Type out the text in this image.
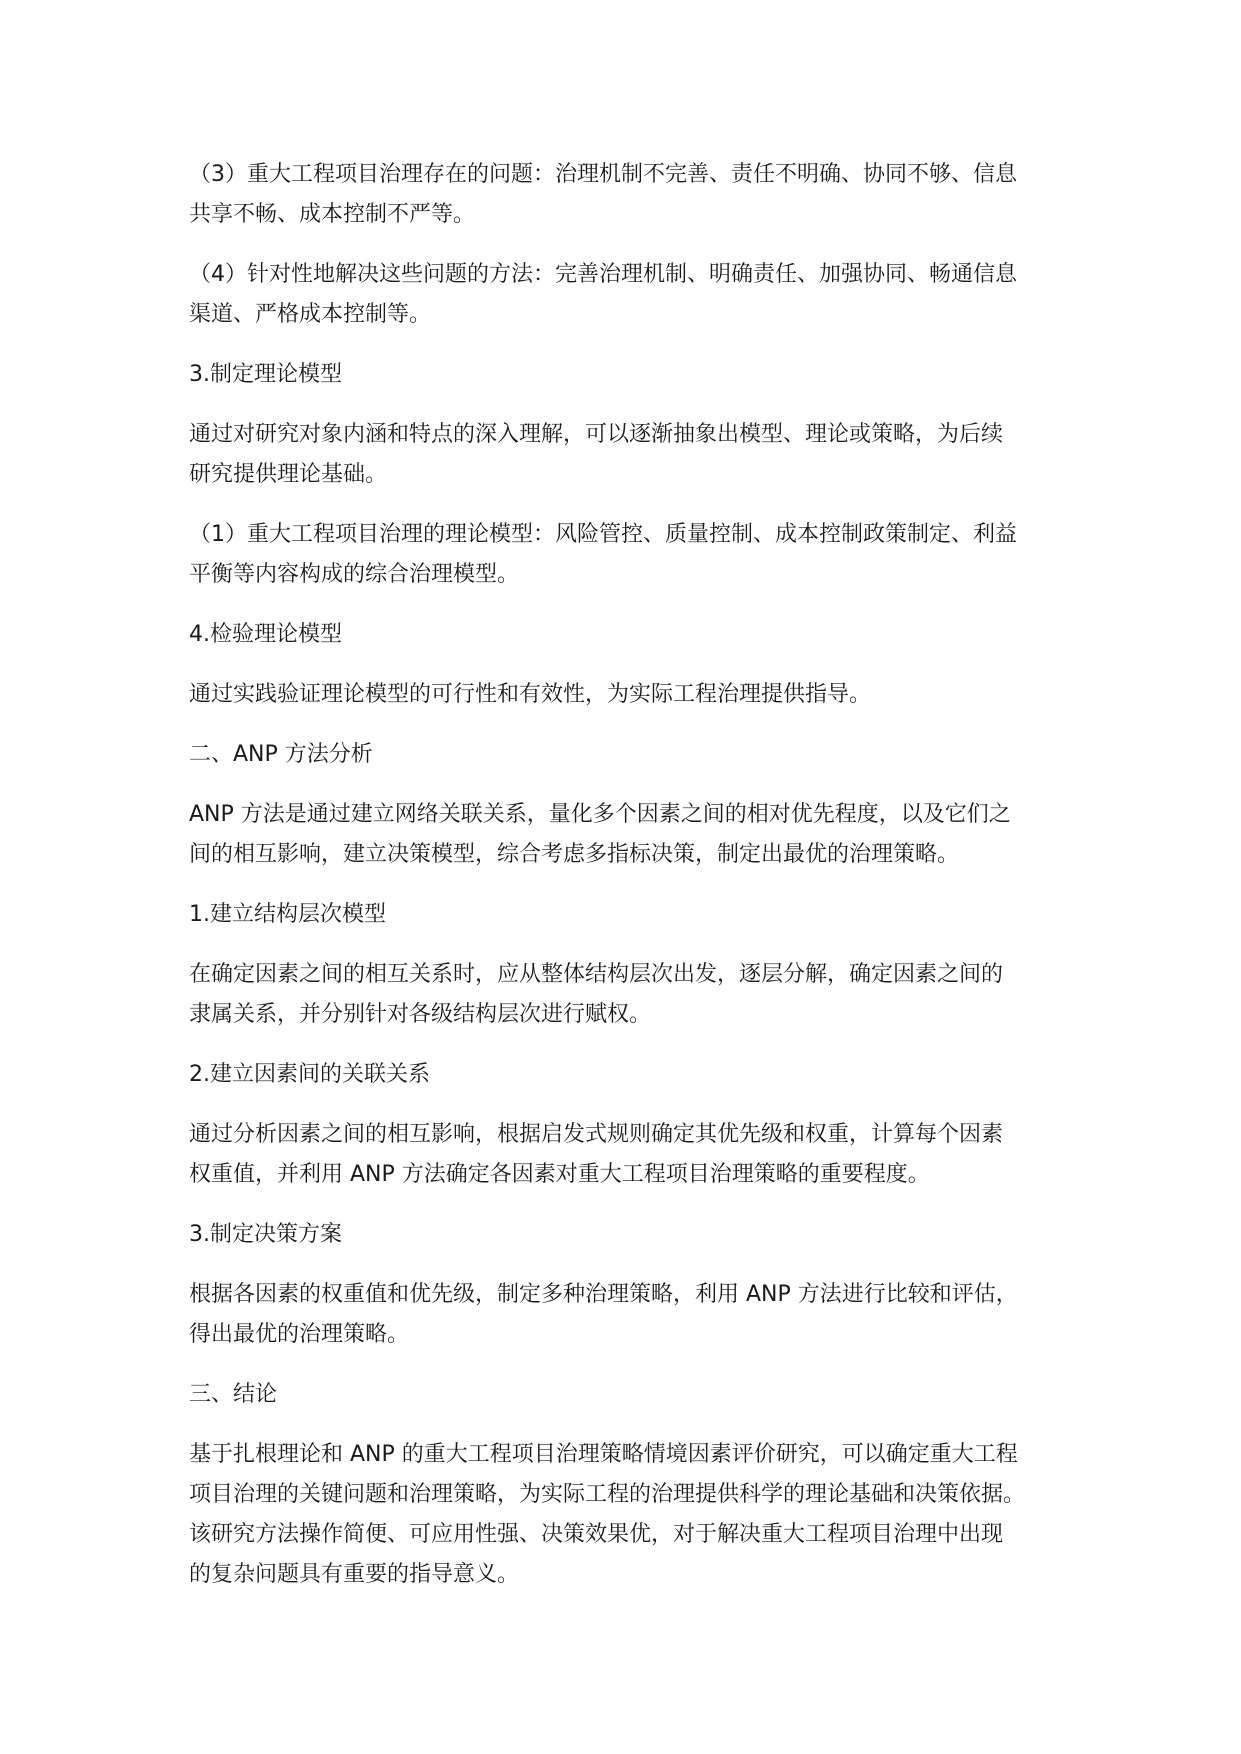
（3）重大工程项目治理存在的问题：治理机制不完善、责任不明确、协同不够、信息
共享不畅、成本控制不严等。

（4）针对性地解决这些问题的方法：完善治理机制、明确责任、加强协同、畅通信息
渠道、严格成本控制等。

3.制定理论模型

通过对研究对象内涵和特点的深入理解，可以逐渐抽象出模型、理论或策略，为后续
研究提供理论基础。

（1）重大工程项目治理的理论模型：风险管控、质量控制、成本控制政策制定、利益
平衡等内容构成的综合治理模型。

4.检验理论模型

通过实践验证理论模型的可行性和有效性，为实际工程治理提供指导。

二、ANP 方法分析

ANP 方法是通过建立网络关联关系，量化多个因素之间的相对优先程度，以及它们之
间的相互影响，建立决策模型，综合考虑多指标决策，制定出最优的治理策略。

1.建立结构层次模型

在确定因素之间的相互关系时，应从整体结构层次出发，逐层分解，确定因素之间的
隶属关系，并分别针对各级结构层次进行赋权。

2.建立因素间的关联关系

通过分析因素之间的相互影响，根据启发式规则确定其优先级和权重，计算每个因素
权重值，并利用 ANP 方法确定各因素对重大工程项目治理策略的重要程度。

3.制定决策方案

根据各因素的权重值和优先级，制定多种治理策略，利用 ANP 方法进行比较和评估，
得出最优的治理策略。

三、结论

基于扎根理论和 ANP 的重大工程项目治理策略情境因素评价研究，可以确定重大工程
项目治理的关键问题和治理策略，为实际工程的治理提供科学的理论基础和决策依据。
该研究方法操作简便、可应用性强、决策效果优，对于解决重大工程项目治理中出现
的复杂问题具有重要的指导意义。
